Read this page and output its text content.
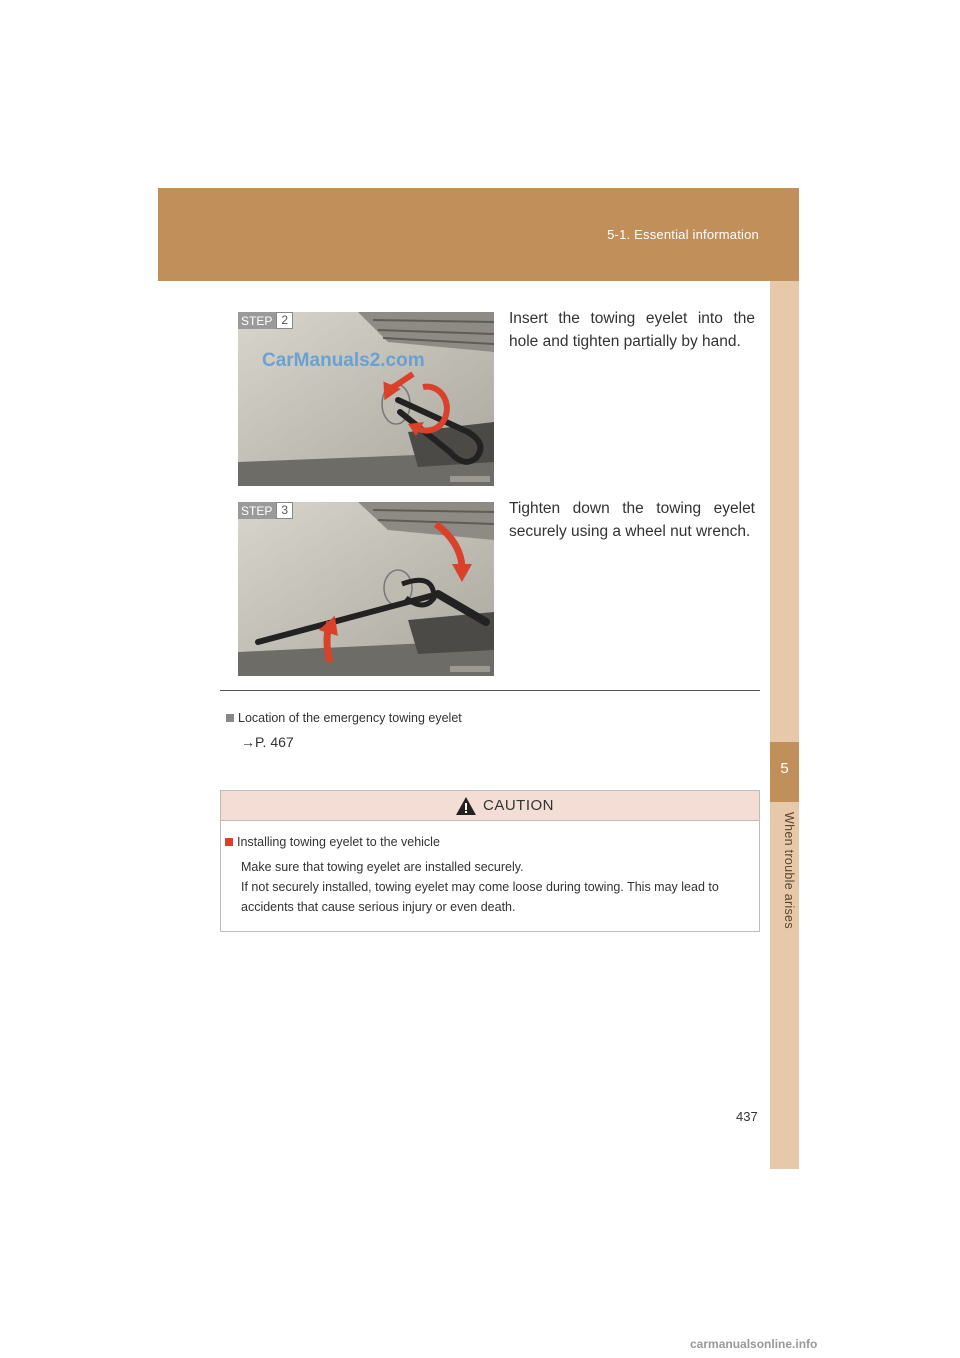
5-1. Essential information
5
When trouble arises
STEP 2	Insert the towing eyelet into the hole and tighten partially by hand.
STEP 3	Tighten down the towing eyelet securely using a wheel nut wrench.
Location of the emergency towing eyelet
→P. 467
CAUTION
Installing towing eyelet to the vehicle
Make sure that towing eyelet are installed securely.
If not securely installed, towing eyelet may come loose during towing. This may lead to accidents that cause serious injury or even death.
437
CarManuals2.com
carmanualsonline.info
